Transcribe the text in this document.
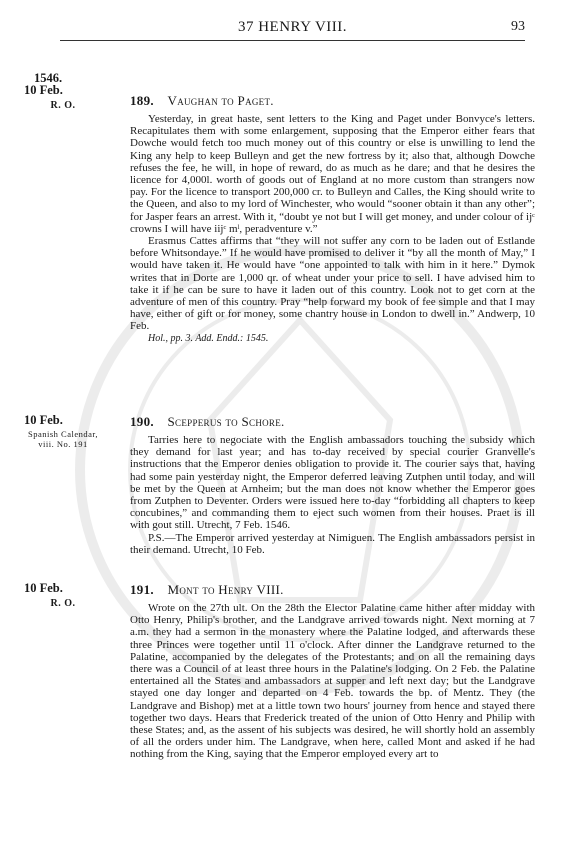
37 HENRY VIII.	93
1546.
10 Feb.
R. O.	189. Vaughan to Paget.

Yesterday, in great haste, sent letters to the King and Paget under Bonvyce's letters. Recapitulates them with some enlargement, supposing that the Emperor either fears that Dowche would fetch too much money out of this country or else is unwilling to lend the King any help to keep Bulleyn and get the new fortress by it; also that, although Dowche refuses the fee, he will, in hope of reward, do as much as he dare; and that he desires the licence for 4,000l. worth of goods out of England at no more custom than strangers now pay. For the licence to transport 200,000 cr. to Bulleyn and Calles, the King should write to the Queen, and also to my lord of Winchester, who would “sooner obtain it than any other”; for Jasper fears an arrest. With it, “doubt ye not but I will get money, and under colour of ijᶜ crowns I will have iijᶜ mˡ, peradventure v.”

Erasmus Cattes affirms that “they will not suffer any corn to be laden out of Estlande before Whitsondaye.” If he would have promised to deliver it “by all the month of May,” I would have taken it. He would have “one appointed to talk with him in it here.” Dymok writes that in Dorte are 1,000 qr. of wheat under your price to sell. I have advised him to take it if he can be sure to have it laden out of this country. Look not to get corn at the adventure of men of this country. Pray “help forward my book of fee simple and that I may have, either of gift or for money, some chantry house in London to dwell in.” Andwerp, 10 Feb.

Hol., pp. 3. Add. Endd.: 1545.

10 Feb.
Spanish Calendar, viii. No. 191
190. Scepperus to Schore.

Tarries here to negociate with the English ambassadors touching the subsidy which they demand for last year; and has to-day received by special courier Granvelle's instructions that the Emperor denies obligation to provide it. The courier says that, having had some pain yesterday night, the Emperor deferred leaving Zutphen until today, and will be met by the Queen at Arnheim; but the man does not know whether the Emperor goes from Zutphen to Deventer. Orders were issued here to-day “forbidding all chapters to keep concubines,” and commanding them to eject such women from their houses. Praet is ill with gout still. Utrecht, 7 Feb. 1546.

P.S.—The Emperor arrived yesterday at Nimiguen. The English ambassadors persist in their demand. Utrecht, 10 Feb.

10 Feb.
R. O.
191. Mont to Henry VIII.

Wrote on the 27th ult. On the 28th the Elector Palatine came hither after midday with Otto Henry, Philip's brother, and the Landgrave arrived towards night. Next morning at 7 a.m. they had a sermon in the monastery where the Palatine lodged, and afterwards these three Princes were together until 11 o'clock. After dinner the Landgrave returned to the Palatine, accompanied by the delegates of the Protestants; and on all the remaining days there was a Council of at least three hours in the Palatine's lodging. On 2 Feb. the Palatine entertained all the States and ambassadors at supper and left next day; but the Landgrave stayed one day longer and departed on 4 Feb. towards the bp. of Mentz. They (the Landgrave and Bishop) met at a little town two hours' journey from hence and stayed there together two days. Hears that Frederick treated of the union of Otto Henry and Philip with these States; and, as the assent of his subjects was desired, he will shortly hold an assembly of all the orders under him. The Landgrave, when here, called Mont and asked if he had nothing from the King, saying that the Emperor employed every art to
